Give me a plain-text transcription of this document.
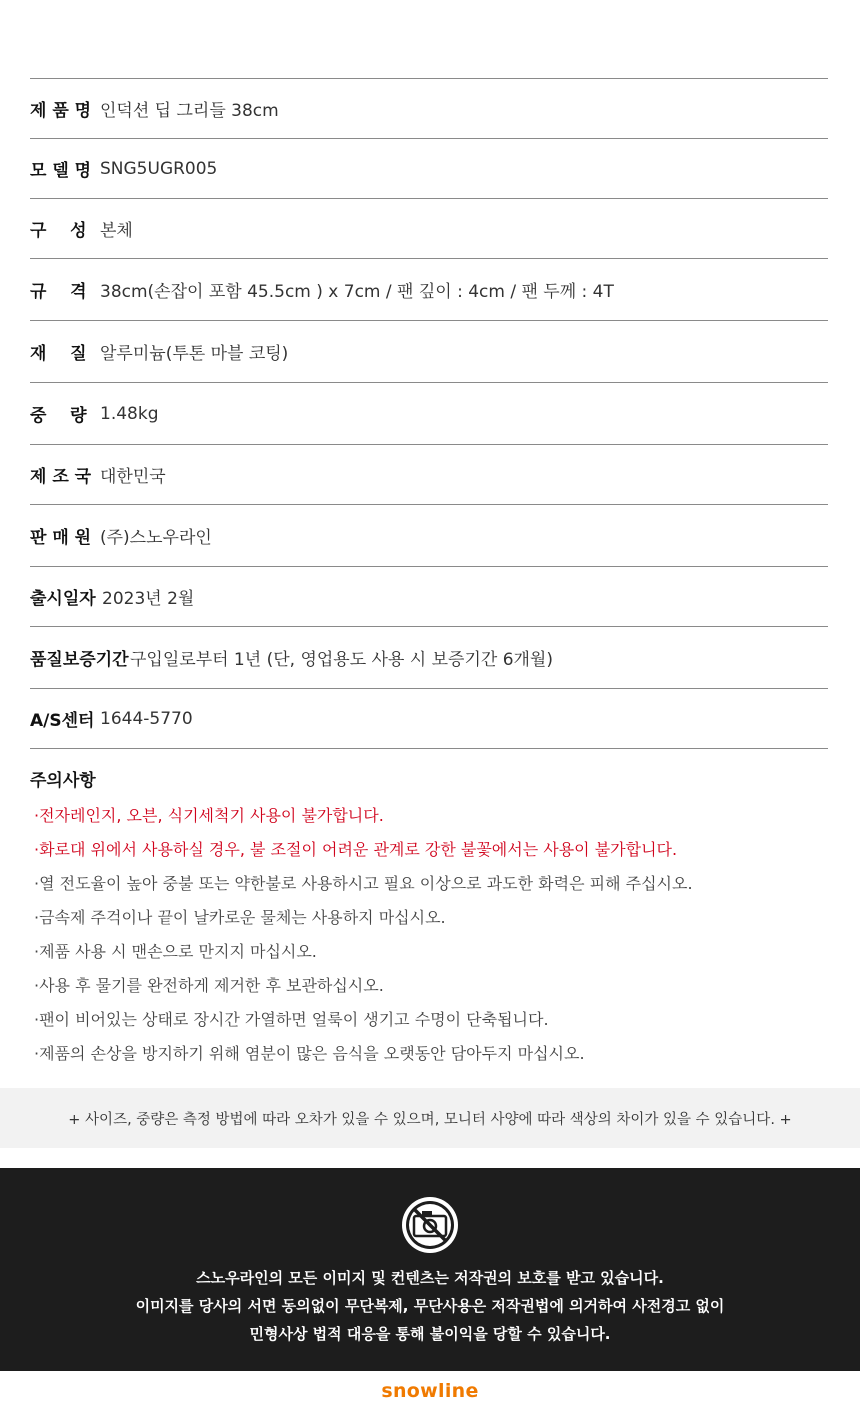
제 품 명 인덕션 딥 그리들 38cm
모 델 명 SNG5UGR005
구    성 본체
규    격 38cm(손잡이 포함 45.5cm ) x 7cm / 팬 깊이 : 4cm / 팬 두께 : 4T
재    질 알루미늄(투톤 마블 코팅)
중    량 1.48kg
제 조 국 대한민국
판 매 원 (주)스노우라인
출시일자 2023년 2월
품질보증기간 구입일로부터 1년 (단, 영업용도 사용 시 보증기간 6개월)
A/S센터 1644-5770
주의사항
·전자레인지, 오븐, 식기세척기 사용이 불가합니다.
·화로대 위에서 사용하실 경우, 불 조절이 어려운 관계로 강한 불꽃에서는 사용이 불가합니다.
·열 전도율이 높아 중불 또는 약한불로 사용하시고 필요 이상으로 과도한 화력은 피해 주십시오.
·금속제 주걱이나 끝이 날카로운 물체는 사용하지 마십시오.
·제품 사용 시 맨손으로 만지지 마십시오.
·사용 후 물기를 완전하게 제거한 후 보관하십시오.
·팬이 비어있는 상태로 장시간 가열하면 얼룩이 생기고 수명이 단축됩니다.
·제품의 손상을 방지하기 위해 염분이 많은 음식을 오랫동안 담아두지 마십시오.
+ 사이즈, 중량은 측정 방법에 따라 오차가 있을 수 있으며, 모니터 사양에 따라 색상의 차이가 있을 수 있습니다. +
스노우라인의 모든 이미지 및 컨텐츠는 저작권의 보호를 받고 있습니다.
이미지를 당사의 서면 동의없이 무단복제, 무단사용은 저작권법에 의거하여 사전경고 없이
민형사상 법적 대응을 통해 불이익을 당할 수 있습니다.
snowline
